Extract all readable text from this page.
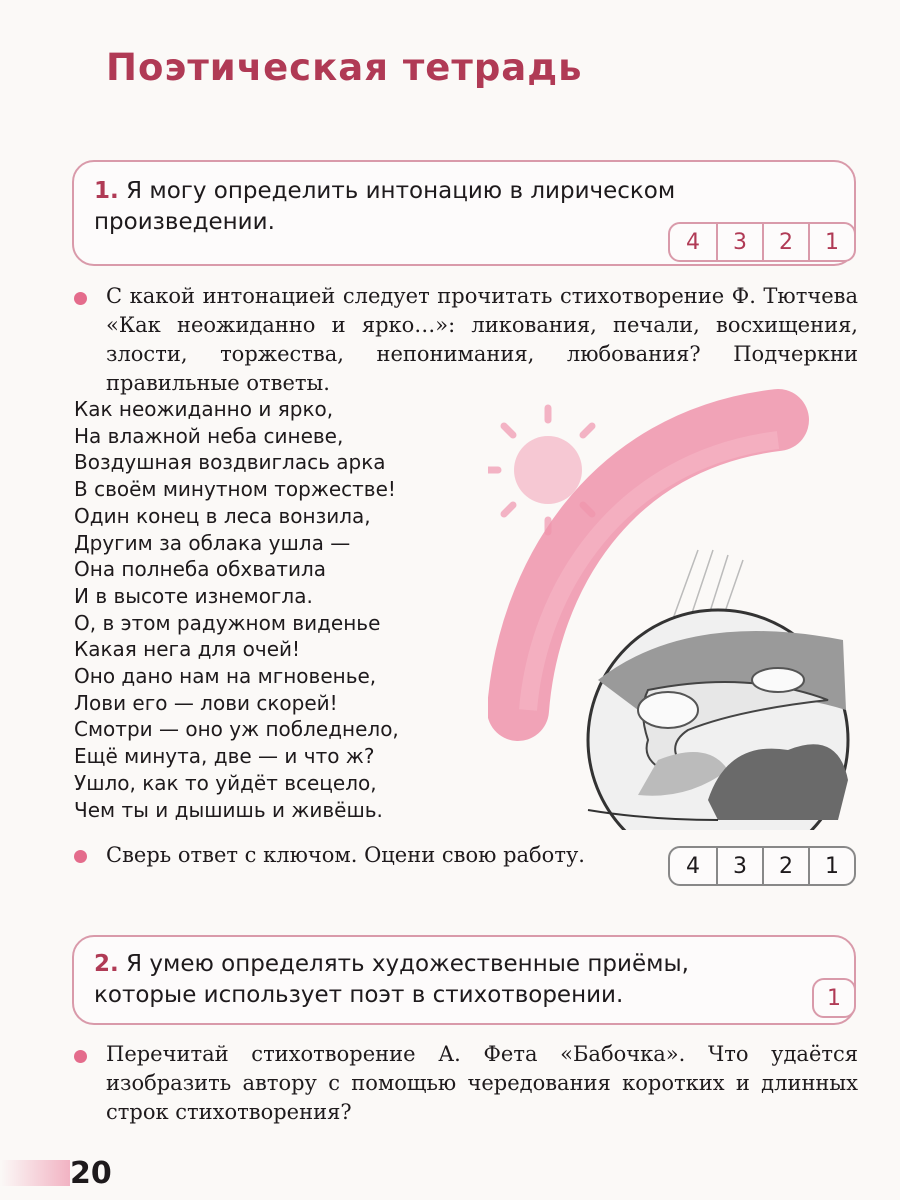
Поэтическая тетрадь
1. Я могу определить интонацию в лирическом произведении.
4	3	2	1
С какой интонацией следует прочитать стихотворение Ф. Тютчева «Как неожиданно и ярко…»: ликования, печали, восхищения, злости, торжества, непонимания, любования? Подчеркни правильные ответы.
Как неожиданно и ярко,
На влажной неба синеве,
Воздушная воздвиглась арка
В своём минутном торжестве!
Один конец в леса вонзила,
Другим за облака ушла —
Она полнеба обхватила
И в высоте изнемогла.
О, в этом радужном виденье
Какая нега для очей!
Оно дано нам на мгновенье,
Лови его — лови скорей!
Смотри — оно уж побледнело,
Ещё минута, две — и что ж?
Ушло, как то уйдёт всецело,
Чем ты и дышишь и живёшь.
Сверь ответ с ключом. Оцени свою работу.	4	3	2	1
2. Я умею определять художественные приёмы, которые использует поэт в стихотворении.	1
Перечитай стихотворение А. Фета «Бабочка». Что удаётся изобразить автору с помощью чередования коротких и длинных строк стихотворения?
20
